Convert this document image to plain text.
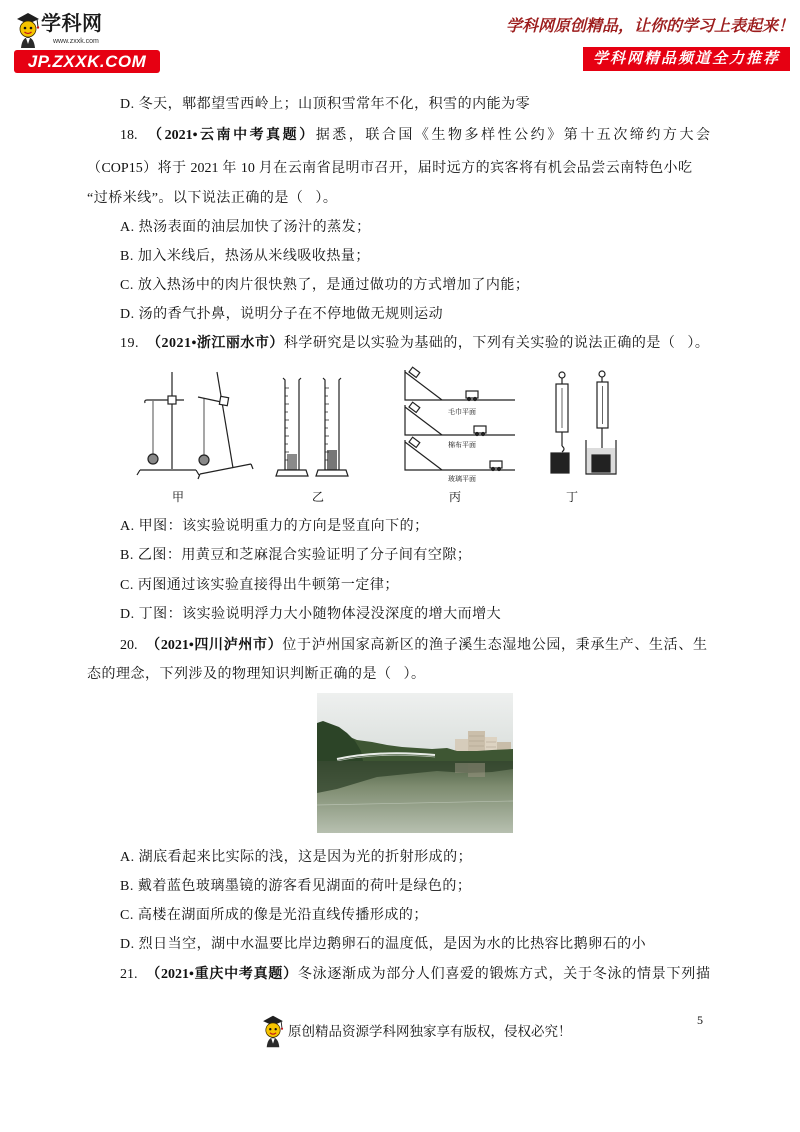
学科网
www.zxxk.com
JP.ZXXK.COM
学科网原创精品，让你的学习上表起来！
学科网精品频道全力推荐
D. 冬天，郫都望雪西岭上；山顶积雪常年不化，积雪的内能为零
18. （2021•云南中考真题）据悉，联合国《生物多样性公约》第十五次缔约方大会
（COP15）将于 2021 年 10 月在云南省昆明市召开，届时远方的宾客将有机会品尝云南特色小吃
“过桥米线”。以下说法正确的是（   ）。
A. 热汤表面的油层加快了汤汁的蒸发；
B. 加入米线后，热汤从米线吸收热量；
C. 放入热汤中的肉片很快熟了，是通过做功的方式增加了内能；
D. 汤的香气扑鼻，说明分子在不停地做无规则运动
19. （2021•浙江丽水市）科学研究是以实验为基础的，下列有关实验的说法正确的是（   ）。
毛巾平面
棉布平面
玻璃平面
甲	乙	丙	丁
A. 甲图：该实验说明重力的方向是竖直向下的；
B. 乙图：用黄豆和芝麻混合实验证明了分子间有空隙；
C. 丙图通过该实验直接得出牛顿第一定律；
D. 丁图：该实验说明浮力大小随物体浸没深度的增大而增大
20. （2021•四川泸州市）位于泸州国家高新区的渔子溪生态湿地公园，秉承生产、生活、生
态的理念，下列涉及的物理知识判断正确的是（   ）。
A. 湖底看起来比实际的浅，这是因为光的折射形成的；
B. 戴着蓝色玻璃墨镜的游客看见湖面的荷叶是绿色的；
C. 高楼在湖面所成的像是光沿直线传播形成的；
D. 烈日当空，湖中水温要比岸边鹅卵石的温度低，是因为水的比热容比鹅卵石的小
21. （2021•重庆中考真题）冬泳逐渐成为部分人们喜爱的锻炼方式，关于冬泳的情景下列描
5
原创精品资源学科网独家享有版权，侵权必究！
